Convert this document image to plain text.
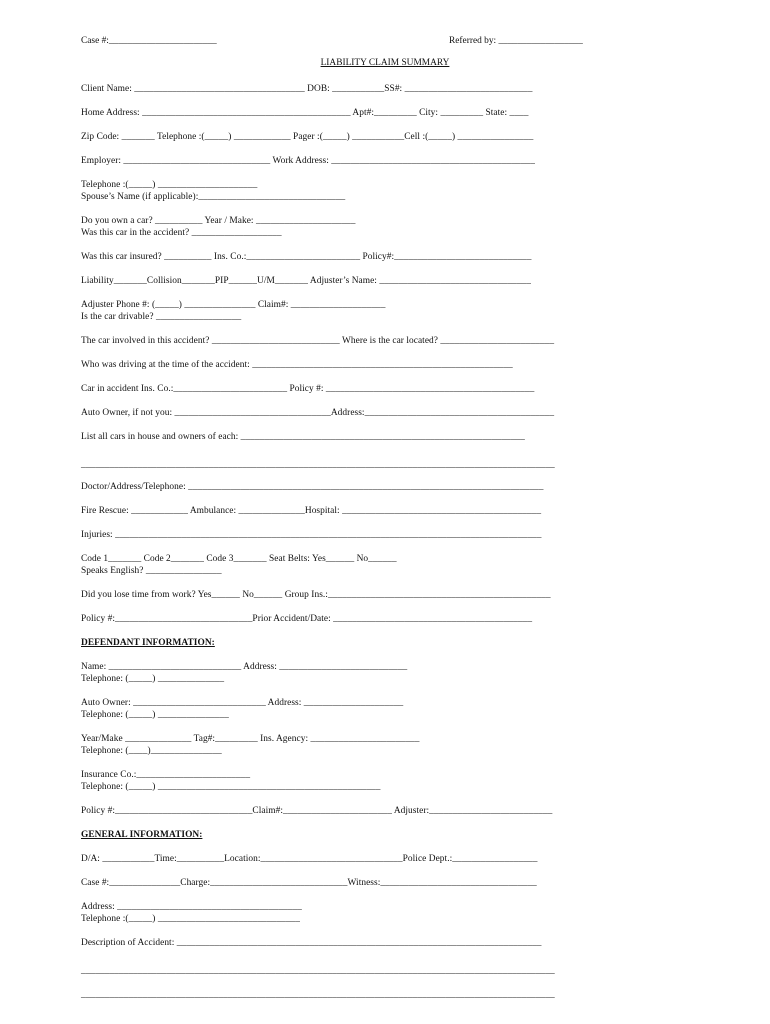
Case #:_______________________	Referred by: __________________
LIABILITY CLAIM SUMMARY
Client Name: ____________________________________ DOB: ___________SS#: ___________________________
Home Address: ____________________________________________ Apt#:_________ City: _________ State: ____
Zip Code: _______ Telephone :(_____) ____________ Pager :(_____) ___________Cell :(_____) ________________
Employer: _______________________________ Work Address: ___________________________________________
Telephone :(_____) _____________________
Spouse’s Name (if applicable):_______________________________
Do you own a car? __________ Year / Make: _____________________
Was this car in the accident? ___________________
Was this car insured? __________ Ins. Co.:________________________ Policy#:_____________________________
Liability_______Collision_______PIP______U/M_______ Adjuster’s Name: ________________________________
Adjuster Phone #: (_____) _______________ Claim#: ____________________
Is the car drivable? __________________
The car involved in this accident? ___________________________ Where is the car located? ________________________
Who was driving at the time of the accident: _______________________________________________________
Car in accident Ins. Co.:________________________ Policy #: ____________________________________________
Auto Owner, if not you: _________________________________Address:________________________________________
List all cars in house and owners of each: ____________________________________________________________
____________________________________________________________________________________________________
Doctor/Address/Telephone: ___________________________________________________________________________
Fire Rescue: ____________ Ambulance: ______________Hospital: __________________________________________
Injuries: __________________________________________________________________________________________
Code 1_______ Code 2_______ Code 3_______ Seat Belts: Yes______ No______
Speaks English? ________________
Did you lose time from work? Yes______ No______ Group Ins.:_______________________________________________
Policy #:_____________________________Prior Accident/Date: __________________________________________
DEFENDANT INFORMATION:
Name: ____________________________ Address: ___________________________
Telephone: (_____) ______________
Auto Owner: ____________________________ Address: _____________________
Telephone: (_____) _______________
Year/Make ______________ Tag#:_________ Ins. Agency: _______________________
Telephone: (____)_______________
Insurance Co.:________________________
Telephone: (_____) _______________________________________________
Policy #:_____________________________Claim#:_______________________ Adjuster:__________________________
GENERAL INFORMATION:
D/A: ___________Time:__________Location:______________________________Police Dept.:__________________
Case #:_______________Charge:_____________________________Witness:_________________________________
Address: _______________________________________
Telephone :(_____) ______________________________
Description of Accident: _____________________________________________________________________________
____________________________________________________________________________________________________
____________________________________________________________________________________________________
